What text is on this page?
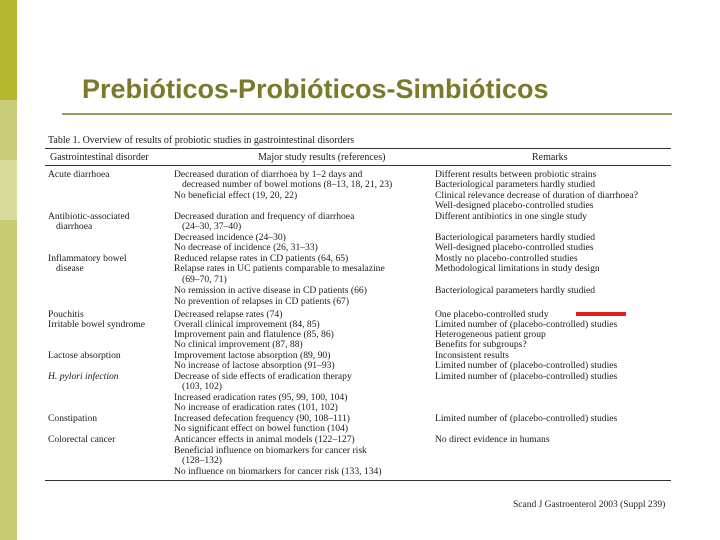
Prebióticos-Probióticos-Simbióticos
Table 1. Overview of results of probiotic studies in gastrointestinal disorders
Gastrointestinal disorder	Major study results (references)	Remarks
Acute diarrhoea
Antibiotic-associated
diarrhoea
Inflammatory bowel
disease
Pouchitis
Irritable bowel syndrome
Lactose absorption
H. pylori infection
Constipation
Colorectal cancer
Decreased duration of diarrhoea by 1–2 days and
decreased number of bowel motions (8–13, 18, 21, 23)
No beneficial effect (19, 20, 22)
Decreased duration and frequency of diarrhoea
(24–30, 37–40)
Decreased incidence (24–30)
No decrease of incidence (26, 31–33)
Reduced relapse rates in CD patients (64, 65)
Relapse rates in UC patients comparable to mesalazine
(69–70, 71)
No remission in active disease in CD patients (66)
No prevention of relapses in CD patients (67)
Decreased relapse rates (74)
Overall clinical improvement (84, 85)
Improvement pain and flatulence (85, 86)
No clinical improvement (87, 88)
Improvement lactose absorption (89, 90)
No increase of lactose absorption (91–93)
Decrease of side effects of eradication therapy
(103, 102)
Increased eradication rates (95, 99, 100, 104)
No increase of eradication rates (101, 102)
Increased defecation frequency (90, 108–111)
No significant effect on bowel function (104)
Anticancer effects in animal models (122–127)
Beneficial influence on biomarkers for cancer risk
(128–132)
No influence on biomarkers for cancer risk (133, 134)
Different results between probiotic strains
Bacteriological parameters hardly studied
Clinical relevance decrease of duration of diarrhoea?
Well-designed placebo-controlled studies
Different antibiotics in one single study
Bacteriological parameters hardly studied
Well-designed placebo-controlled studies
Mostly no placebo-controlled studies
Methodological limitations in study design
Bacteriological parameters hardly studied
One placebo-controlled study
Limited number of (placebo-controlled) studies
Heterogeneous patient group
Benefits for subgroups?
Inconsistent results
Limited number of (placebo-controlled) studies
Limited number of (placebo-controlled) studies
Limited number of (placebo-controlled) studies
No direct evidence in humans
Scand J Gastroenterol 2003 (Suppl 239)
